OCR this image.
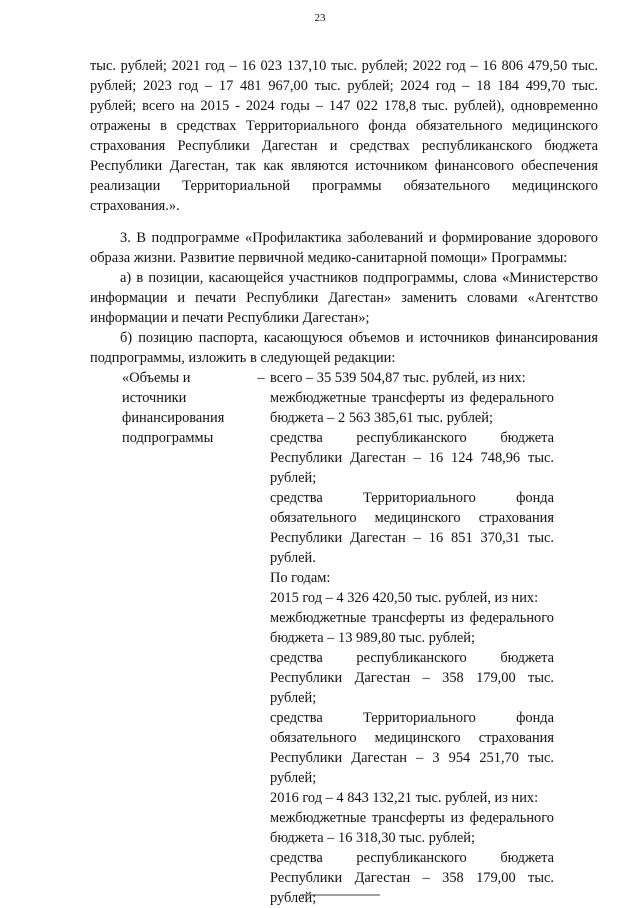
23

тыс. рублей; 2021 год – 16 023 137,10 тыс. рублей; 2022 год – 16 806 479,50 тыс. рублей; 2023 год – 17 481 967,00 тыс. рублей; 2024 год – 18 184 499,70 тыс. рублей; всего на 2015 - 2024 годы – 147 022 178,8 тыс. рублей), одновременно отражены в средствах Территориального фонда обязательного медицинского страхования Республики Дагестан и средствах республиканского бюджета Республики Дагестан, так как являются источником финансового обеспечения реализации Территориальной программы обязательного медицинского страхования.».

3. В подпрограмме «Профилактика заболеваний и формирование здорового образа жизни. Развитие первичной медико-санитарной помощи» Программы:

а) в позиции, касающейся участников подпрограммы, слова «Министерство информации и печати Республики Дагестан» заменить словами «Агентство информации и печати Республики Дагестан»;

б) позицию паспорта, касающуюся объемов и источников финансирования подпрограммы, изложить в следующей редакции:

«Объемы и источники финансирования подпрограммы
– всего – 35 539 504,87 тыс. рублей, из них:
межбюджетные трансферты из федерального бюджета – 2 563 385,61 тыс. рублей;
средства республиканского бюджета Республики Дагестан – 16 124 748,96 тыс. рублей;
средства Территориального фонда обязательного медицинского страхования Республики Дагестан – 16 851 370,31 тыс. рублей.
По годам:
2015 год – 4 326 420,50 тыс. рублей, из них:
межбюджетные трансферты из федерального бюджета – 13 989,80 тыс. рублей;
средства республиканского бюджета Республики Дагестан – 358 179,00 тыс. рублей;
средства Территориального фонда обязательного медицинского страхования Республики Дагестан – 3 954 251,70 тыс. рублей;
2016 год – 4 843 132,21 тыс. рублей, из них:
межбюджетные трансферты из федерального бюджета – 16 318,30 тыс. рублей;
средства республиканского бюджета Республики Дагестан – 358 179,00 тыс. рублей;
